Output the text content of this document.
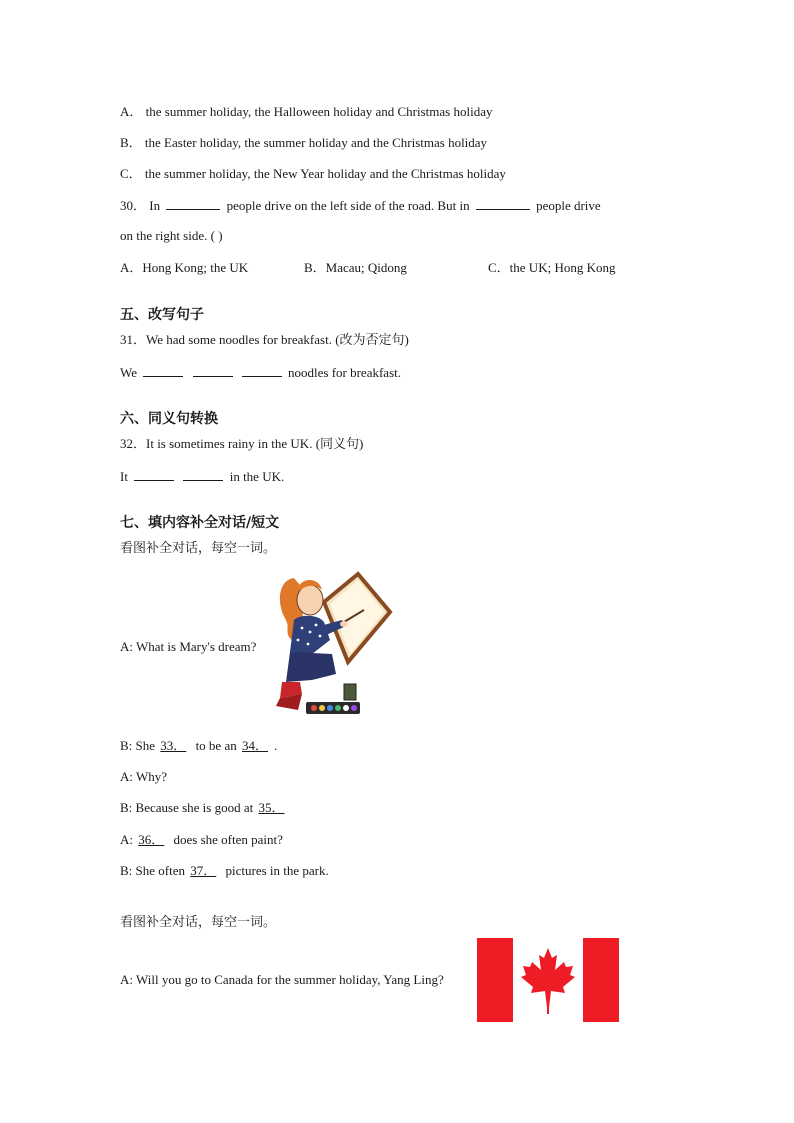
A． the summer holiday, the Halloween holiday and Christmas holiday
B． the Easter holiday, the summer holiday and the Christmas holiday
C． the summer holiday, the New Year holiday and the Christmas holiday
30． In	people drive on the left side of the road. But in	people drive
on the right side. ( )
A．Hong Kong; the UK	B．Macau; Qidong	C．the UK; Hong Kong
五、改写句子
31．We had some noodles for breakfast. (改为否定句)
We	noodles for breakfast.
六、同义句转换
32．It is sometimes rainy in the UK. (同义句)
It	in the UK.
七、填内容补全对话/短文
看图补全对话，每空一词。
A: What is Mary's dream?
B: She 33． to be an 34． .
A: Why?
B: Because she is good at 35．
A: 36． does she often paint?
B: She often 37． pictures in the park.
看图补全对话，每空一词。
A: Will you go to Canada for the summer holiday, Yang Ling?
